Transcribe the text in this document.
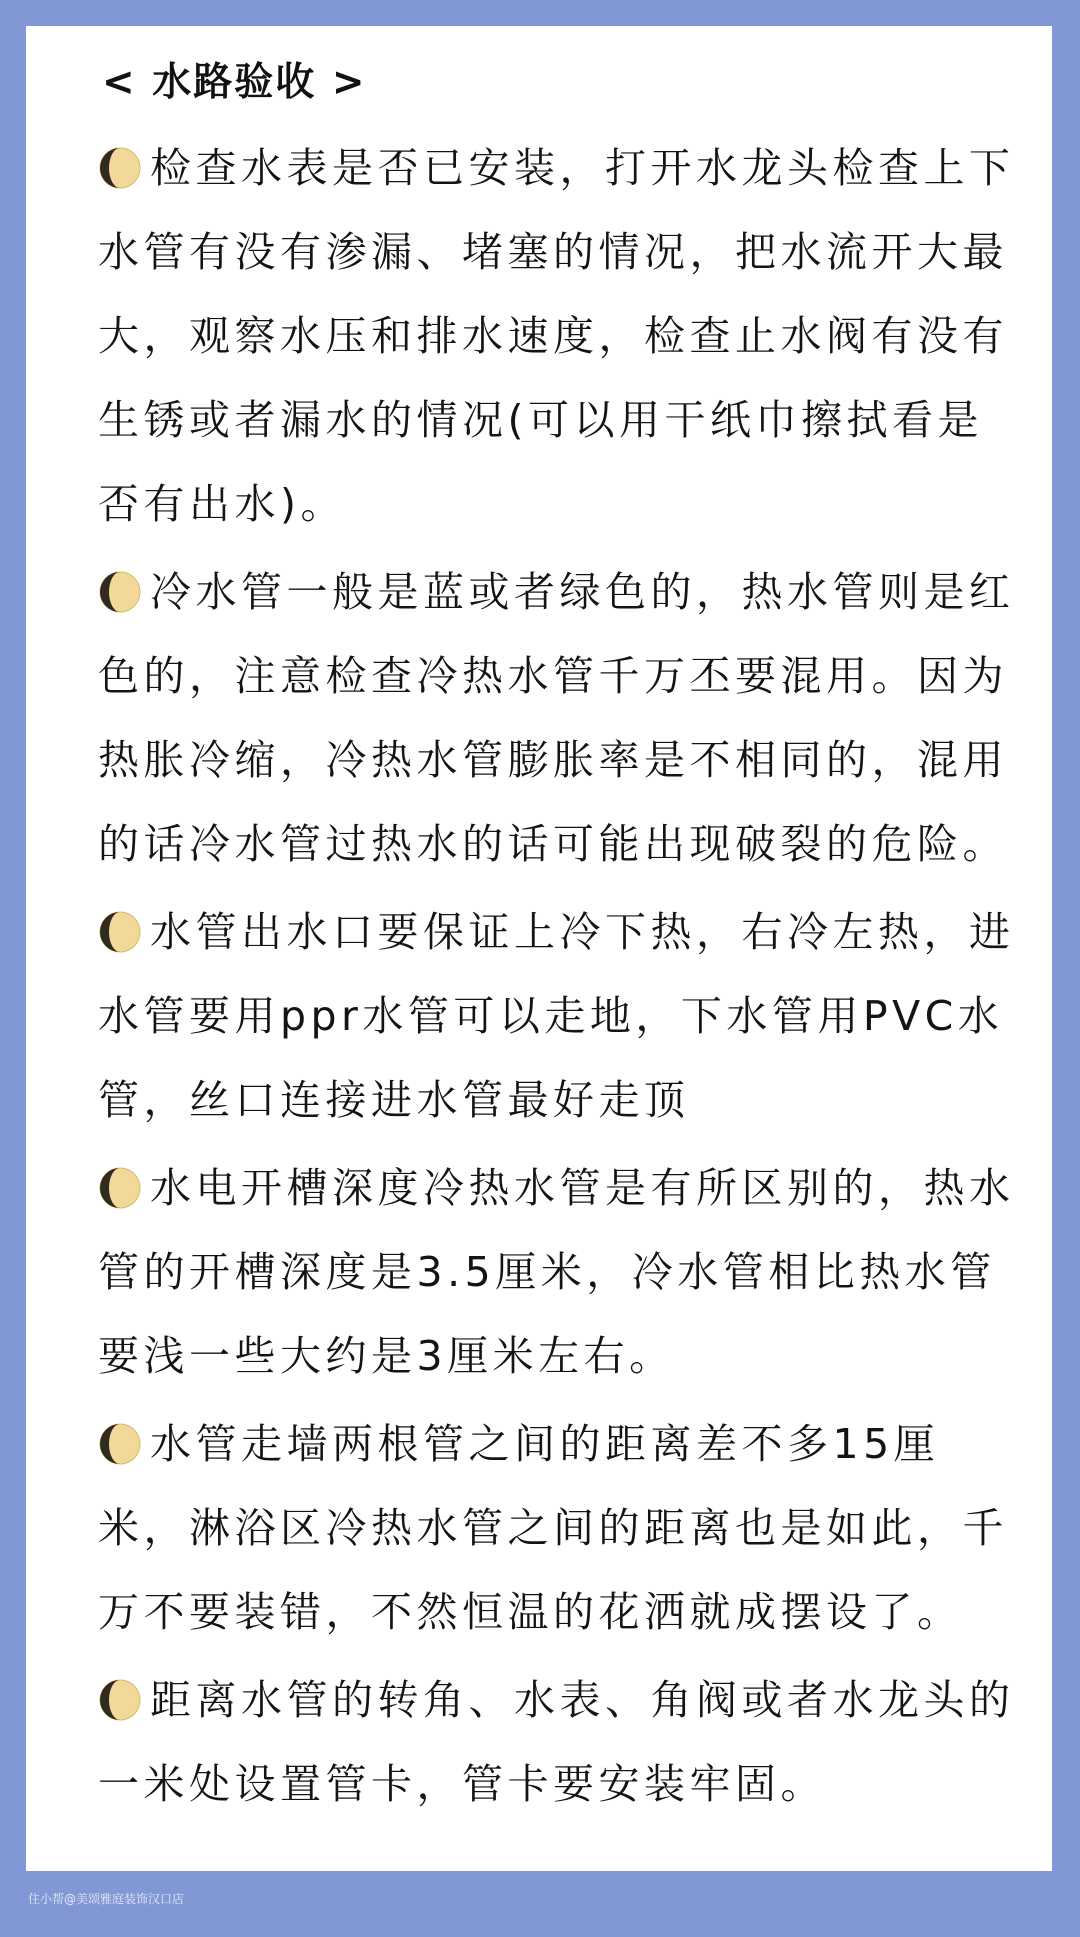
< 水路验收 >

检查水表是否已安装，打开水龙头检查上下水管有没有渗漏、堵塞的情况，把水流开大最大，观察水压和排水速度，检查止水阀有没有生锈或者漏水的情况(可以用干纸巾擦拭看是否有出水)。

冷水管一般是蓝或者绿色的，热水管则是红色的，注意检查冷热水管千万丕要混用。因为热胀冷缩，冷热水管膨胀率是不相同的，混用的话冷水管过热水的话可能出现破裂的危险。

水管出水口要保证上冷下热，右冷左热，进水管要用ppr水管可以走地，下水管用PVC水管，丝口连接进水管最好走顶

水电开槽深度冷热水管是有所区别的，热水管的开槽深度是3.5厘米，冷水管相比热水管要浅一些大约是3厘米左右。

水管走墙两根管之间的距离差不多15厘米，淋浴区冷热水管之间的距离也是如此，千万不要装错，不然恒温的花洒就成摆设了。

距离水管的转角、水表、角阀或者水龙头的一米处设置管卡，管卡要安装牢固。

住小帮@美颂雅庭装饰汉口店
